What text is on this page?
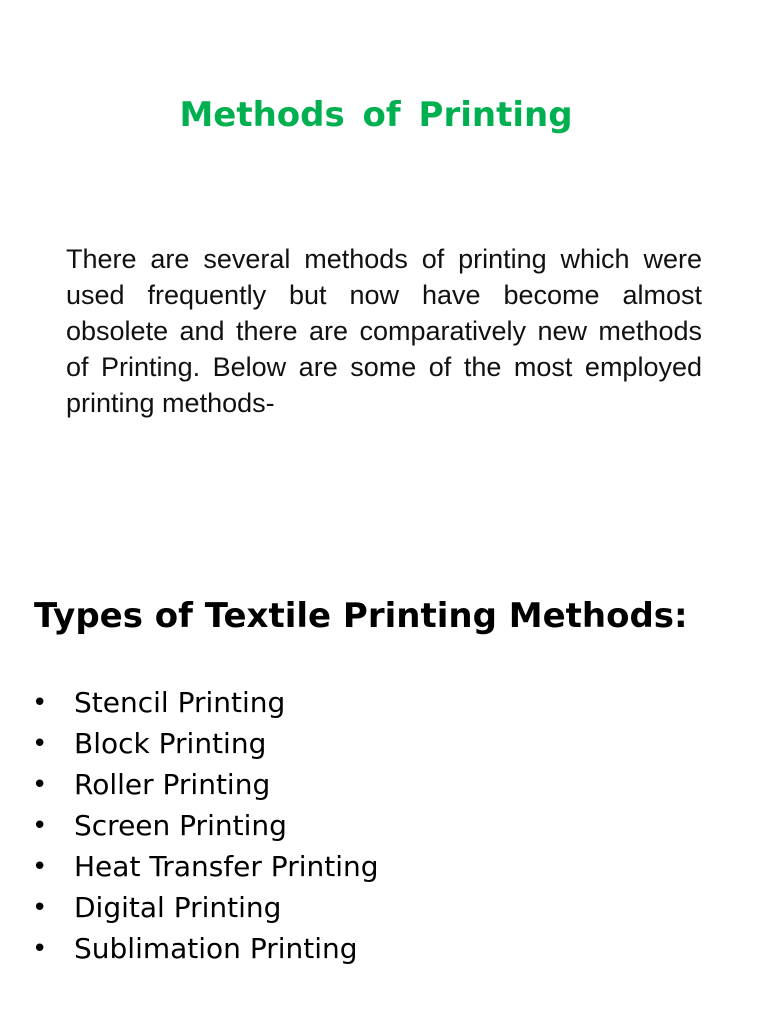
Methods of Printing

There are several methods of printing which were used frequently but now have become almost obsolete and there are comparatively new methods of Printing. Below are some of the most employed printing methods-

Types of Textile Printing Methods:
• Stencil Printing
• Block Printing
• Roller Printing
• Screen Printing
• Heat Transfer Printing
• Digital Printing
• Sublimation Printing
